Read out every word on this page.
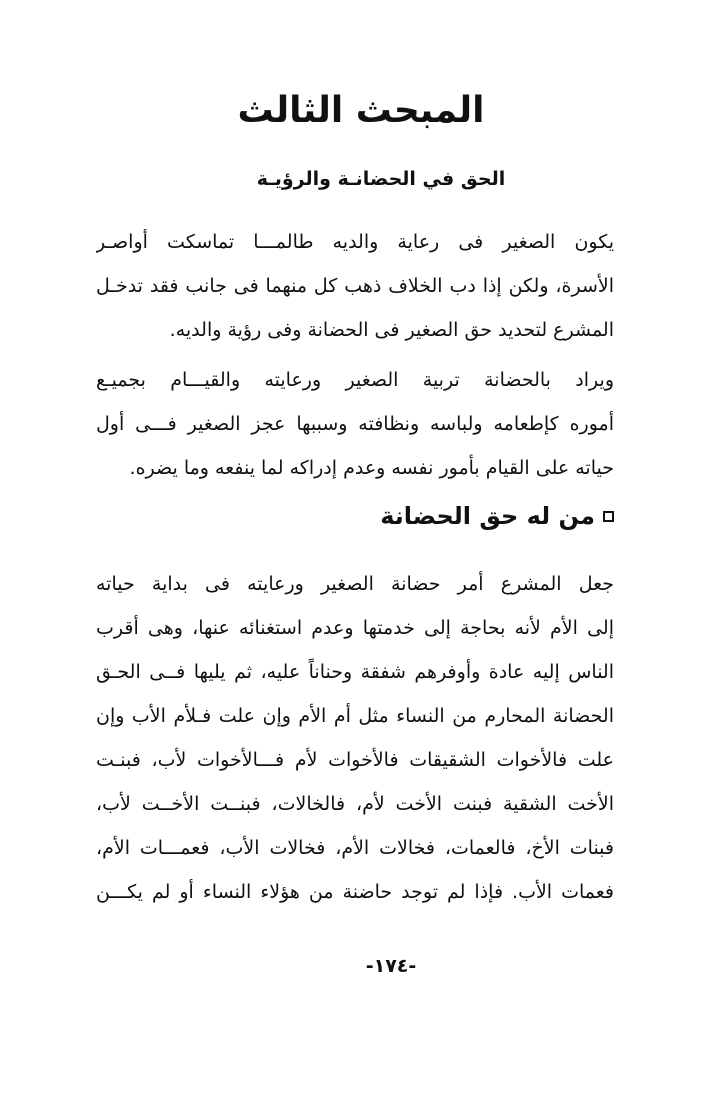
المبحث الثالث
الحق في الحضانـة والرؤيـة
يكون الصغير فى رعاية والديه طالمـــا تماسكت أواصـر
الأسرة، ولكن إذا دب الخلاف ذهب كل منهما فى جانب فقد تدخـل
المشرع لتحديد حق الصغير فى الحضانة وفى رؤية والديه.
ويراد بالحضانة تربية الصغير ورعايته والقيـــام بجميـع
أموره كإطعامه ولباسه ونظافته وسببها عجز الصغير فـــى أول
حياته على القيام بأمور نفسه وعدم إدراكه لما ينفعه وما يضره.
من له حق الحضانة
جعل المشرع أمر حضانة الصغير ورعايته فى بداية حياته
إلى الأم لأنه بحاجة إلى خدمتها وعدم استغنائه عنها، وهى أقرب
الناس إليه عادة وأوفرهم شفقة وحناناً عليه، ثم يليها فــى الحـق
الحضانة المحارم من النساء مثل أم الأم وإن علت فـلأم الأب وإن
علت فالأخوات الشقيقات فالأخوات لأم فـــالأخوات لأب، فبنـت
الأخت الشقية فبنت الأخت لأم، فالخالات، فبنــت الأخــت لأب،
فبنات الأخ، فالعمات، فخالات الأم، فخالات الأب، فعمـــات الأم،
فعمات الأب. فإذا لم توجد حاضنة من هؤلاء النساء أو لم يكـــن
-١٧٤-
